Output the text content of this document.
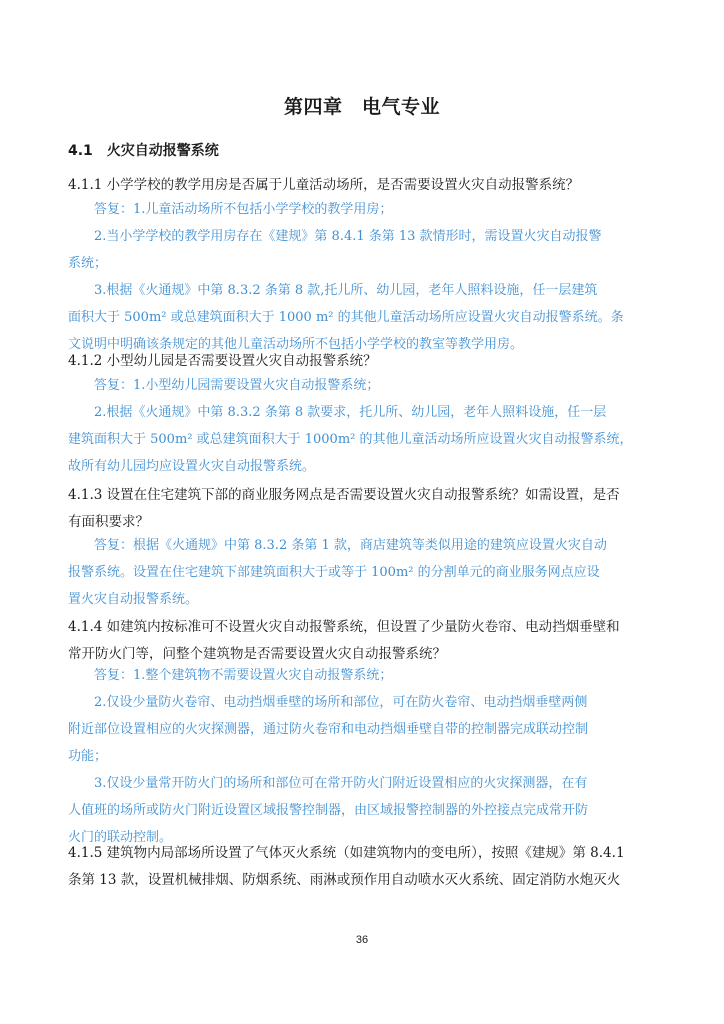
第四章　电气专业
4.1　火灾自动报警系统
4.1.1 小学学校的教学用房是否属于儿童活动场所，是否需要设置火灾自动报警系统？
答复：1.儿童活动场所不包括小学学校的教学用房；
2.当小学学校的教学用房存在《建规》第 8.4.1 条第 13 款情形时，需设置火灾自动报警
系统；
3.根据《火通规》中第 8.3.2 条第 8 款,托儿所、幼儿园，老年人照料设施，任一层建筑
面积大于 500m² 或总建筑面积大于 1000 m² 的其他儿童活动场所应设置火灾自动报警系统。条
文说明中明确该条规定的其他儿童活动场所不包括小学学校的教室等教学用房。
4.1.2 小型幼儿园是否需要设置火灾自动报警系统？
答复：1.小型幼儿园需要设置火灾自动报警系统；
2.根据《火通规》中第 8.3.2 条第 8 款要求，托儿所、幼儿园，老年人照料设施，任一层
建筑面积大于 500m² 或总建筑面积大于 1000m² 的其他儿童活动场所应设置火灾自动报警系统，
故所有幼儿园均应设置火灾自动报警系统。
4.1.3 设置在住宅建筑下部的商业服务网点是否需要设置火灾自动报警系统？如需设置，是否
有面积要求？
答复：根据《火通规》中第 8.3.2 条第 1 款，商店建筑等类似用途的建筑应设置火灾自动
报警系统。设置在住宅建筑下部建筑面积大于或等于 100m² 的分割单元的商业服务网点应设
置火灾自动报警系统。
4.1.4 如建筑内按标准可不设置火灾自动报警系统，但设置了少量防火卷帘、电动挡烟垂壁和
常开防火门等，问整个建筑物是否需要设置火灾自动报警系统？
答复：1.整个建筑物不需要设置火灾自动报警系统；
2.仅设少量防火卷帘、电动挡烟垂壁的场所和部位，可在防火卷帘、电动挡烟垂壁两侧
附近部位设置相应的火灾探测器，通过防火卷帘和电动挡烟垂壁自带的控制器完成联动控制
功能；
3.仅设少量常开防火门的场所和部位可在常开防火门附近设置相应的火灾探测器，在有
人值班的场所或防火门附近设置区域报警控制器，由区域报警控制器的外控接点完成常开防
火门的联动控制。
4.1.5 建筑物内局部场所设置了气体灭火系统（如建筑物内的变电所），按照《建规》第 8.4.1
条第 13 款，设置机械排烟、防烟系统、雨淋或预作用自动喷水灭火系统、固定消防水炮灭火
36
